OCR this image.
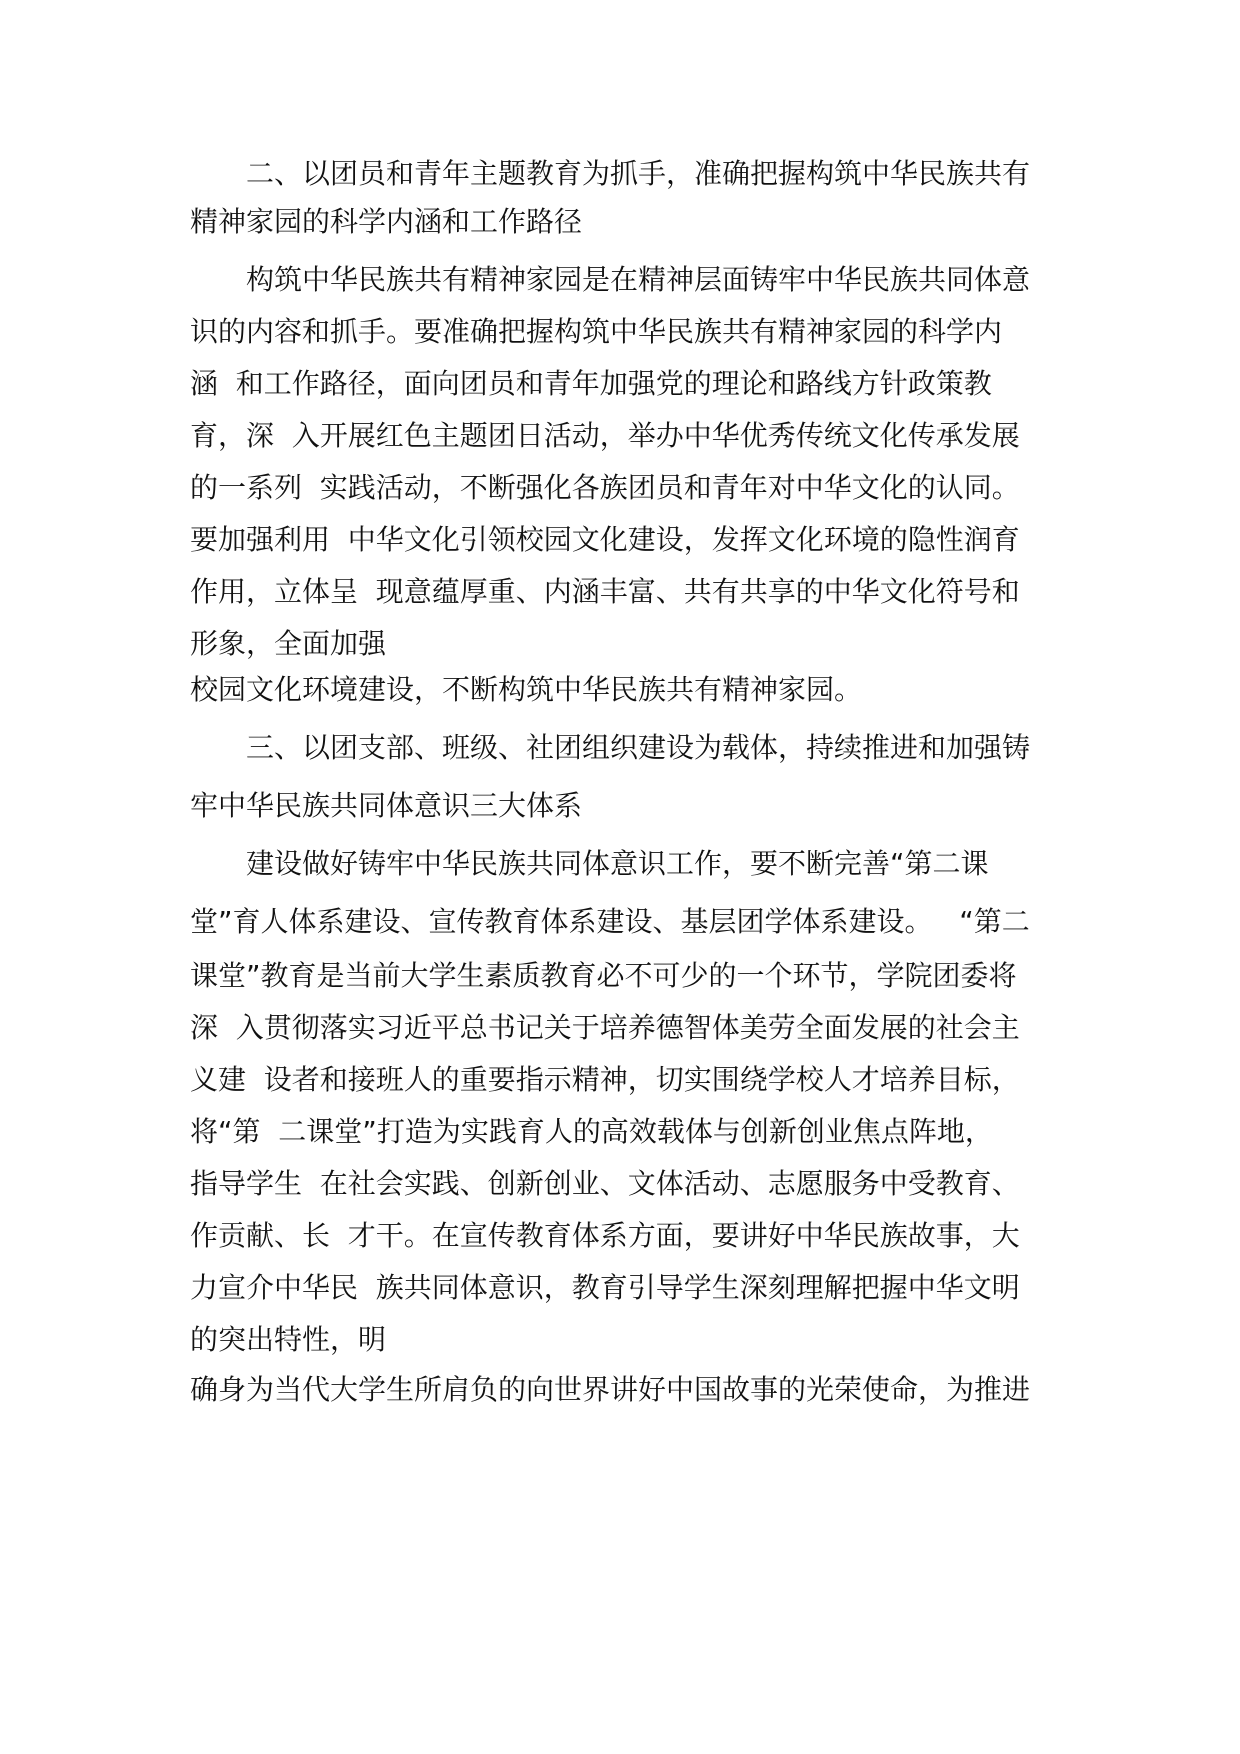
二、以团员和青年主题教育为抓手，准确把握构筑中华民族共有
精神家园的科学内涵和工作路径
构筑中华民族共有精神家园是在精神层面铸牢中华民族共同体意
识的内容和抓手。要准确把握构筑中华民族共有精神家园的科学内
涵  和工作路径，面向团员和青年加强党的理论和路线方针政策教
育，深  入开展红色主题团日活动，举办中华优秀传统文化传承发展
的一系列  实践活动，不断强化各族团员和青年对中华文化的认同。
要加强利用  中华文化引领校园文化建设，发挥文化环境的隐性润育
作用，立体呈  现意蕴厚重、内涵丰富、共有共享的中华文化符号和
形象，全面加强
校园文化环境建设，不断构筑中华民族共有精神家园。
三、以团支部、班级、社团组织建设为载体，持续推进和加强铸
牢中华民族共同体意识三大体系
建设做好铸牢中华民族共同体意识工作，要不断完善“第二课
堂”育人体系建设、宣传教育体系建设、基层团学体系建设。   “第二
课堂”教育是当前大学生素质教育必不可少的一个环节，学院团委将
深  入贯彻落实习近平总书记关于培养德智体美劳全面发展的社会主
义建  设者和接班人的重要指示精神，切实围绕学校人才培养目标，
将“第  二课堂”打造为实践育人的高效载体与创新创业焦点阵地，
指导学生  在社会实践、创新创业、文体活动、志愿服务中受教育、
作贡献、长  才干。在宣传教育体系方面，要讲好中华民族故事，大
力宣介中华民  族共同体意识，教育引导学生深刻理解把握中华文明
的突出特性，明
确身为当代大学生所肩负的向世界讲好中国故事的光荣使命，为推进
